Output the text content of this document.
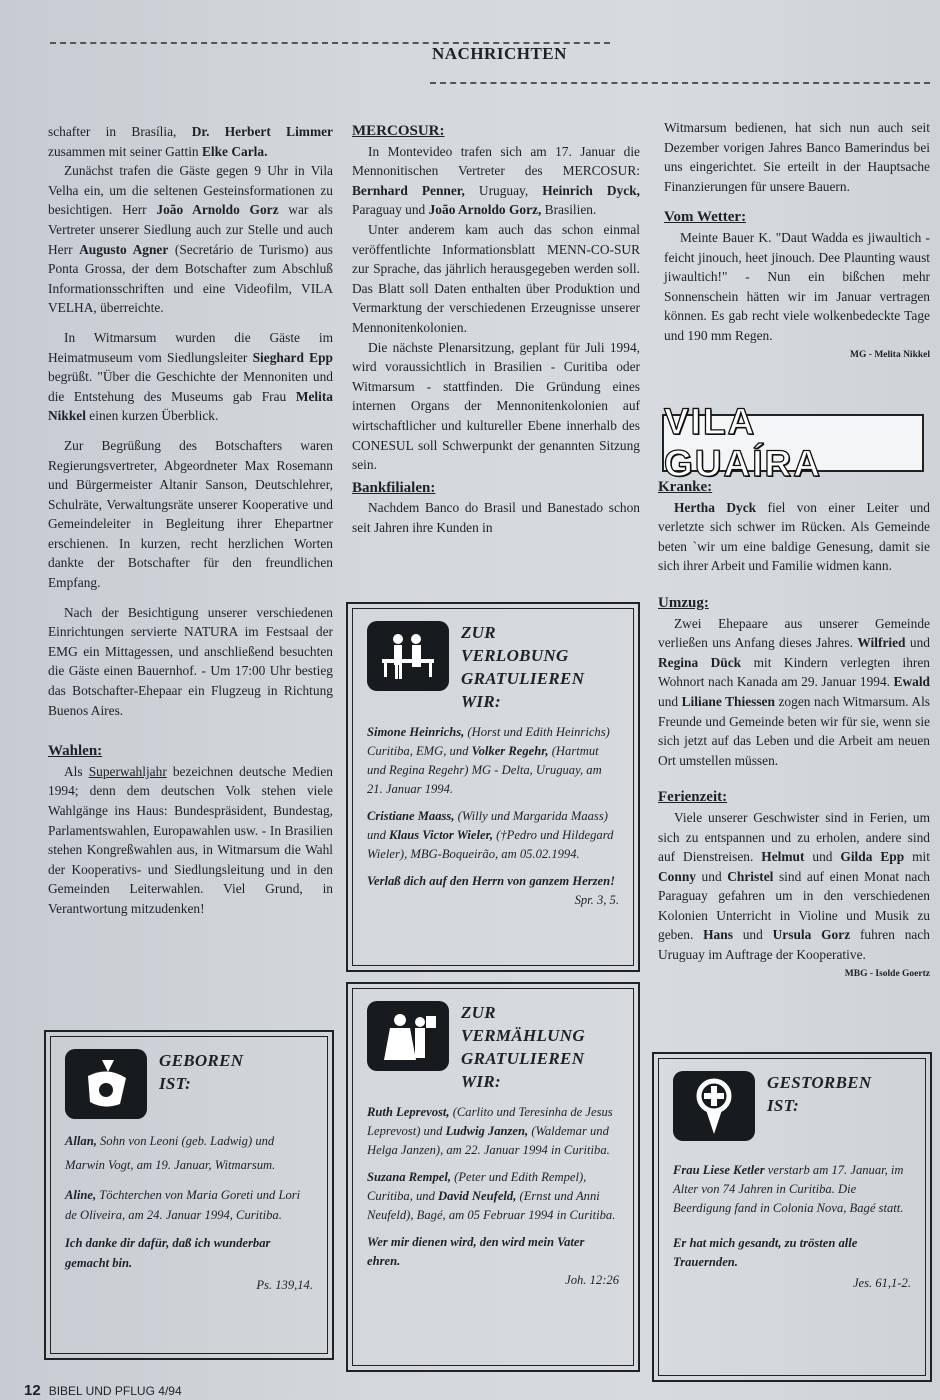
NACHRICHTEN

schafter in Brasília, Dr. Herbert Limmer zusammen mit seiner Gattin Elke Carla.

Zunächst trafen die Gäste gegen 9 Uhr in Vila Velha ein, um die seltenen Gesteinsformationen zu besichtigen. Herr João Arnoldo Gorz war als Vertreter unserer Siedlung auch zur Stelle und auch Herr Augusto Agner (Secretário de Turismo) aus Ponta Grossa, der dem Botschafter zum Abschluß Informationsschriften und eine Videofilm, VILA VELHA, überreichte.

In Witmarsum wurden die Gäste im Heimatmuseum vom Siedlungsleiter Sieghard Epp begrüßt. "Über die Geschichte der Mennoniten und die Entstehung des Museums gab Frau Melita Nikkel einen kurzen Überblick.

Zur Begrüßung des Botschafters waren Regierungsvertreter, Abgeordneter Max Rosemann und Bürgermeister Altanir Sanson, Deutschlehrer, Schulräte, Verwaltungsräte unserer Kooperative und Gemeindeleiter in Begleitung ihrer Ehepartner erschienen. In kurzen, recht herzlichen Worten dankte der Botschafter für den freundlichen Empfang.

Nach der Besichtigung unserer verschiedenen Einrichtungen servierte NATURA im Festsaal der EMG ein Mittagessen, und anschließend besuchten die Gäste einen Bauernhof. - Um 17:00 Uhr bestieg das Botschafter-Ehepaar ein Flugzeug in Richtung Buenos Aires.

Wahlen:

Als Superwahljahr bezeichnen deutsche Medien 1994; denn dem deutschen Volk stehen viele Wahlgänge ins Haus: Bundespräsident, Bundestag, Parlamentswahlen, Europawahlen usw. - In Brasilien stehen Kongreßwahlen aus, in Witmarsum die Wahl der Kooperativs- und Siedlungsleitung und in den Gemeinden Leiterwahlen. Viel Grund, in Verantwortung mitzudenken!

MERCOSUR:

In Montevideo trafen sich am 17. Januar die Mennonitischen Vertreter des MERCOSUR: Bernhard Penner, Uruguay, Heinrich Dyck, Paraguay und João Arnoldo Gorz, Brasilien.

Unter anderem kam auch das schon einmal veröffentlichte Informationsblatt MENN-CO-SUR zur Sprache, das jährlich herausgegeben werden soll. Das Blatt soll Daten enthalten über Produktion und Vermarktung der verschiedenen Erzeugnisse unserer Mennonitenkolonien.

Die nächste Plenarsitzung, geplant für Juli 1994, wird voraussichtlich in Brasilien - Curitiba oder Witmarsum - stattfinden. Die Gründung eines internen Organs der Mennonitenkolonien auf wirtschaftlicher und kultureller Ebene innerhalb des CONESUL soll Schwerpunkt der genannten Sitzung sein.

Bankfilialen:

Nachdem Banco do Brasil und Banestado schon seit Jahren ihre Kunden in

Witmarsum bedienen, hat sich nun auch seit Dezember vorigen Jahres Banco Bamerindus bei uns eingerichtet. Sie erteilt in der Hauptsache Finanzierungen für unsere Bauern.

Vom Wetter:

Meinte Bauer K. "Daut Wadda es jiwaultich - feicht jinouch, heet jinouch. Dee Plaunting waust jiwaultich!" - Nun ein bißchen mehr Sonnenschein hätten wir im Januar vertragen können. Es gab recht viele wolkenbedeckte Tage und 190 mm Regen.

MG - Melita Nikkel

VILA GUAÍRA

Kranke:

Hertha Dyck fiel von einer Leiter und verletzte sich schwer im Rücken. Als Gemeinde beten `wir um eine baldige Genesung, damit sie sich ihrer Arbeit und Familie widmen kann.

Umzug:

Zwei Ehepaare aus unserer Gemeinde verließen uns Anfang dieses Jahres. Wilfried und Regina Dück mit Kindern verlegten ihren Wohnort nach Kanada am 29. Januar 1994. Ewald und Liliane Thiessen zogen nach Witmarsum. Als Freunde und Gemeinde beten wir für sie, wenn sie sich jetzt auf das Leben und die Arbeit am neuen Ort umstellen müssen.

Ferienzeit:

Viele unserer Geschwister sind in Ferien, um sich zu entspannen und zu erholen, andere sind auf Dienstreisen. Helmut und Gilda Epp mit Conny und Christel sind auf einen Monat nach Paraguay gefahren um in den verschiedenen Kolonien Unterricht in Violine und Musik zu geben. Hans und Ursula Gorz fuhren nach Uruguay im Auftrage der Kooperative.

MBG - Isolde Goertz

ZUR
VERLOBUNG
GRATULIEREN
WIR:

Simone Heinrichs, (Horst und Edith Heinrichs) Curitiba, EMG, und Volker Regehr, (Hartmut und Regina Regehr) MG - Delta, Uruguay, am 21. Januar 1994.

Cristiane Maass, (Willy und Margarida Maass) und Klaus Victor Wieler, (†Pedro und Hildegard Wieler), MBG-Boqueirão, am 05.02.1994.

Verlaß dich auf den Herrn von ganzem Herzen!

Spr. 3, 5.
ZUR
VERMÄHLUNG
GRATULIEREN
WIR:

Ruth Leprevost, (Carlito und Teresinha de Jesus Leprevost) und Ludwig Janzen, (Waldemar und Helga Janzen), am 22. Januar 1994 in Curitiba.

Suzana Rempel, (Peter und Edith Rempel), Curitiba, und David Neufeld, (Ernst und Anni Neufeld), Bagé, am 05 Februar 1994 in Curitiba.

Wer mir dienen wird, den wird mein Vater ehren.

Joh. 12:26
GEBOREN
IST:

Allan, Sohn von Leoni (geb. Ladwig) und Marwin Vogt, am 19. Januar, Witmarsum.

Aline, Töchterchen von Maria Goreti und Lori de Oliveira, am 24. Januar 1994, Curitiba.

Ich danke dir dafür, daß ich wunderbar gemacht bin.

Ps. 139,14.
GESTORBEN
IST:

Frau Liese Ketler verstarb am 17. Januar, im Alter von 74 Jahren in Curitiba. Die Beerdigung fand in Colonia Nova, Bagé statt.

Er hat mich gesandt, zu trösten alle Trauernden.

Jes. 61,1-2.
12 BIBEL UND PFLUG 4/94
